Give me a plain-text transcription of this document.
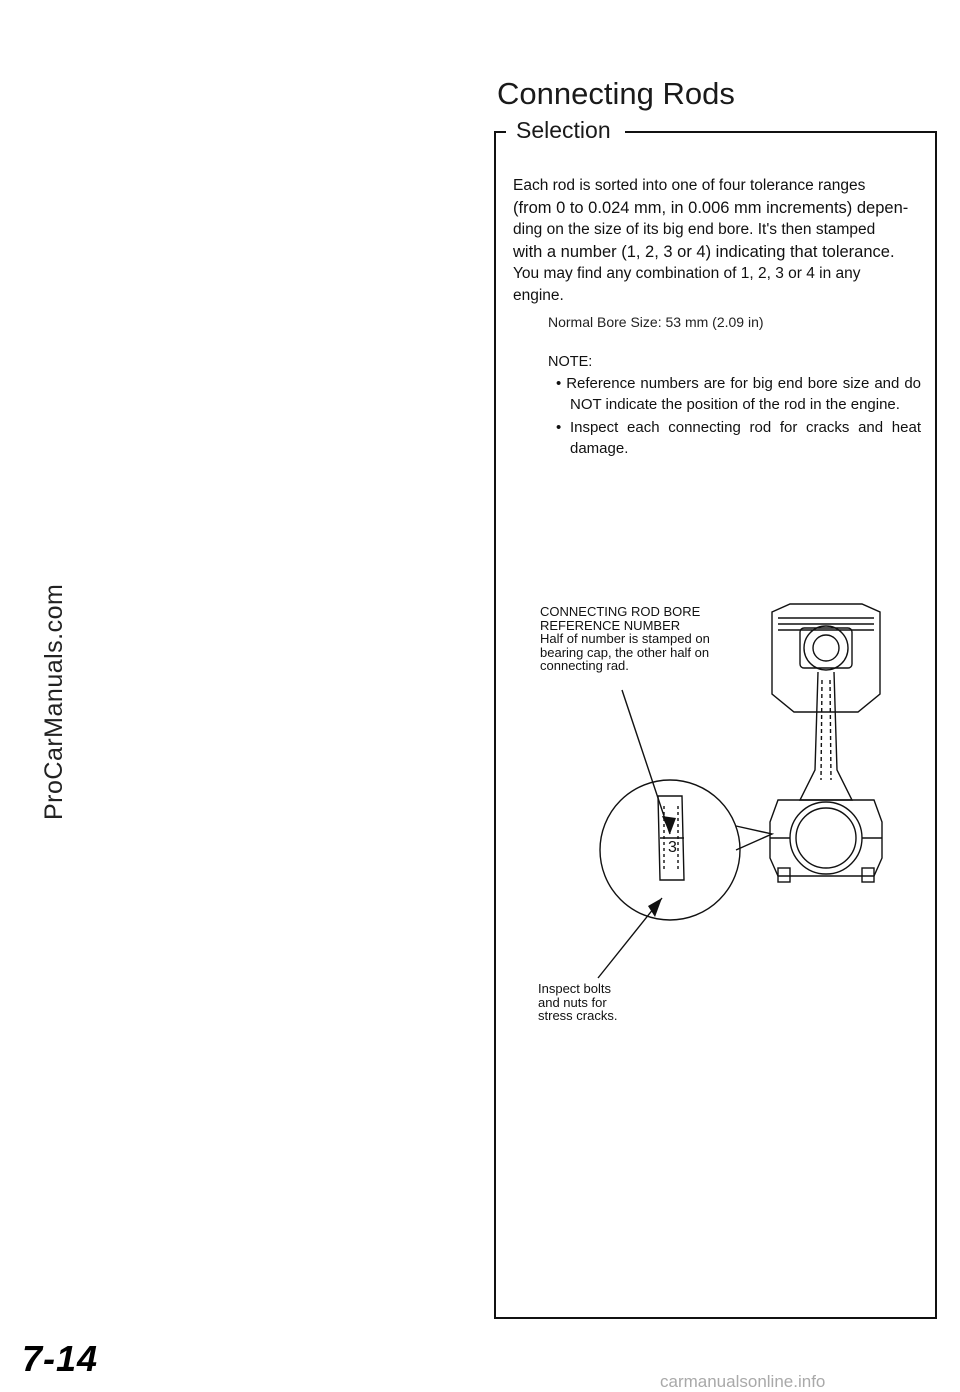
ProCarManuals.com
Connecting Rods
Selection

Each rod is sorted into one of four tolerance ranges

(from 0 to 0.024 mm, in 0.006 mm increments) depen-

ding on the size of its big end bore. It's then stamped

with a number (1, 2, 3 or 4) indicating that tolerance.

You may find any combination of 1, 2, 3 or 4 in any

engine.

Normal Bore Size: 53 mm (2.09 in)
NOTE:
• Reference numbers are for big end bore size and do NOT indicate the position of the rod in the engine.
• Inspect each connecting rod for cracks and heat damage.
CONNECTING ROD BORE
REFERENCE NUMBER
Half of number is stamped on
bearing cap, the other half on
connecting rad.
Inspect bolts
and nuts for
stress cracks.
3
7-14
carmanualsonline.info
